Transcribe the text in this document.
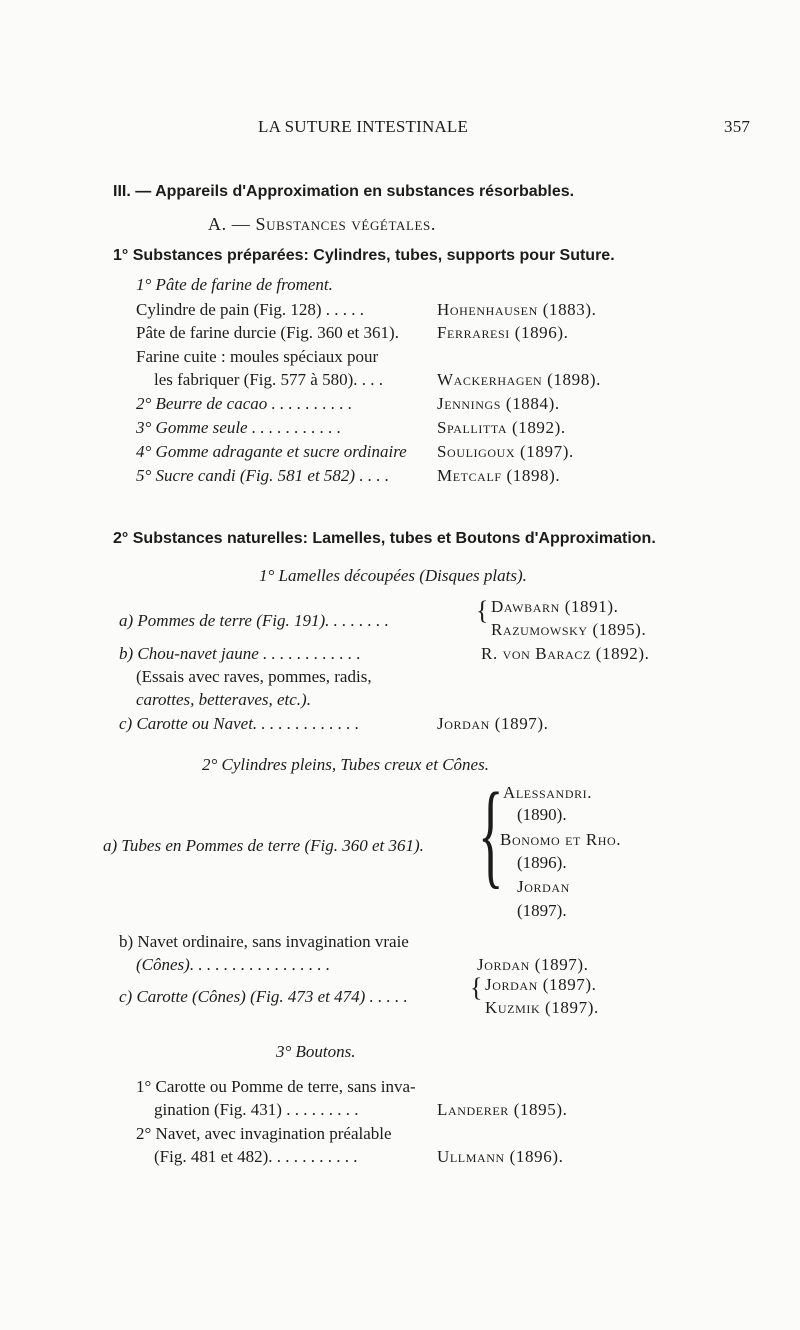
LA SUTURE INTESTINALE	357
III. — Appareils d'Approximation en substances résorbables.
A. — Substances végétales.
1° Substances préparées: Cylindres, tubes, supports pour Suture.
1° Pâte de farine de froment.
Cylindre de pain (Fig. 128) . . . . .	Hohenhausen (1883).
Pâte de farine durcie (Fig. 360 et 361). Ferraresi (1896).
Farine cuite : moules spéciaux pour
les fabriquer (Fig. 577 à 580). . . .	Wackerhagen (1898).
2° Beurre de cacao . . . . . . . . . .	Jennings (1884).
3° Gomme seule . . . . . . . . . . .	Spallitta (1892).
4° Gomme adragante et sucre ordinaire Souligoux (1897).
5° Sucre candi (Fig. 581 et 582) . . . .	Metcalf (1898).
2° Substances naturelles: Lamelles, tubes et Boutons d'Approximation.
1° Lamelles découpées (Disques plats).
a) Pommes de terre (Fig. 191). . . . . . . .	{ Dawbarn (1891).
Razumowsky (1895).
b) Chou-navet jaune . . . . . . . . . . . .	R. von Baracz (1892).
(Essais avec raves, pommes, radis,
carottes, betteraves, etc.).
c) Carotte ou Navet. . . . . . . . . . . . .	Jordan (1897).
2° Cylindres pleins, Tubes creux et Cônes.
a) Tubes en Pommes de terre (Fig. 360 et 361). { Alessandri.
(1890).
Bonomo et Rho.
(1896).
Jordan
(1897).
b) Navet ordinaire, sans invagination vraie
(Cônes). . . . . . . . . . . . . . . . .	Jordan (1897).
c) Carotte (Cônes) (Fig. 473 et 474) . . . . . { Jordan (1897).
Kuzmik (1897).
3° Boutons.
1° Carotte ou Pomme de terre, sans inva-
gination (Fig. 431) . . . . . . . . .	Landerer (1895).
2° Navet, avec invagination préalable
(Fig. 481 et 482). . . . . . . . . . .	Ullmann (1896).
